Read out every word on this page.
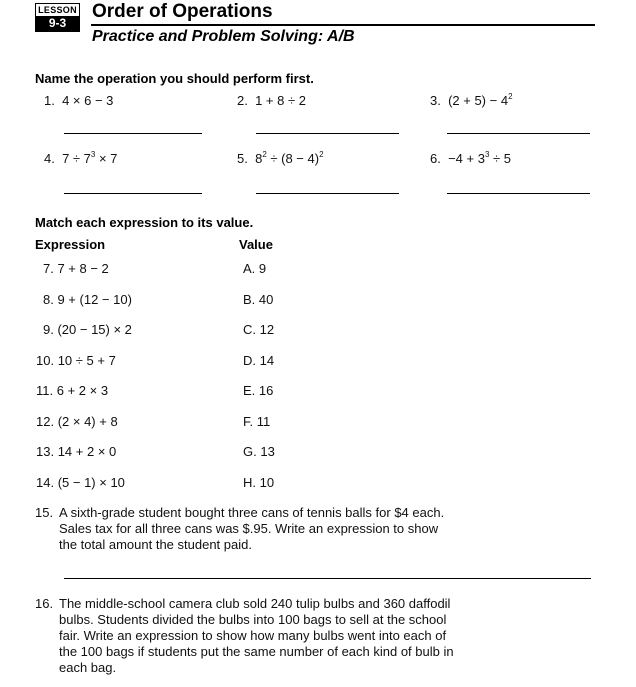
LESSON
9-3
Order of Operations
Practice and Problem Solving: A/B
Name the operation you should perform first.
1. 4 × 6 − 3	2. 1 + 8 ÷ 2	3. $(2 + 5) - 4^2$
4. $7 \div 7^3 \times 7$	5. $8^2 \div (8 - 4)^2$	6. $-4 + 3^3 \div 5$
Match each expression to its value.
Expression	Value
7. 7 + 8 − 2	A. 9
8. 9 + (12 − 10)	B. 40
9. (20 − 15) × 2	C. 12
10. 10 ÷ 5 + 7	D. 14
11. 6 + 2 × 3	E. 16
12. (2 × 4) + 8	F. 11
13. 14 + 2 × 0	G. 13
14. (5 − 1) × 10	H. 10
15. A sixth-grade student bought three cans of tennis balls for $4 each.
Sales tax for all three cans was $.95. Write an expression to show
the total amount the student paid.
16. The middle-school camera club sold 240 tulip bulbs and 360 daffodil
bulbs. Students divided the bulbs into 100 bags to sell at the school
fair. Write an expression to show how many bulbs went into each of
the 100 bags if students put the same number of each kind of bulb in
each bag.
